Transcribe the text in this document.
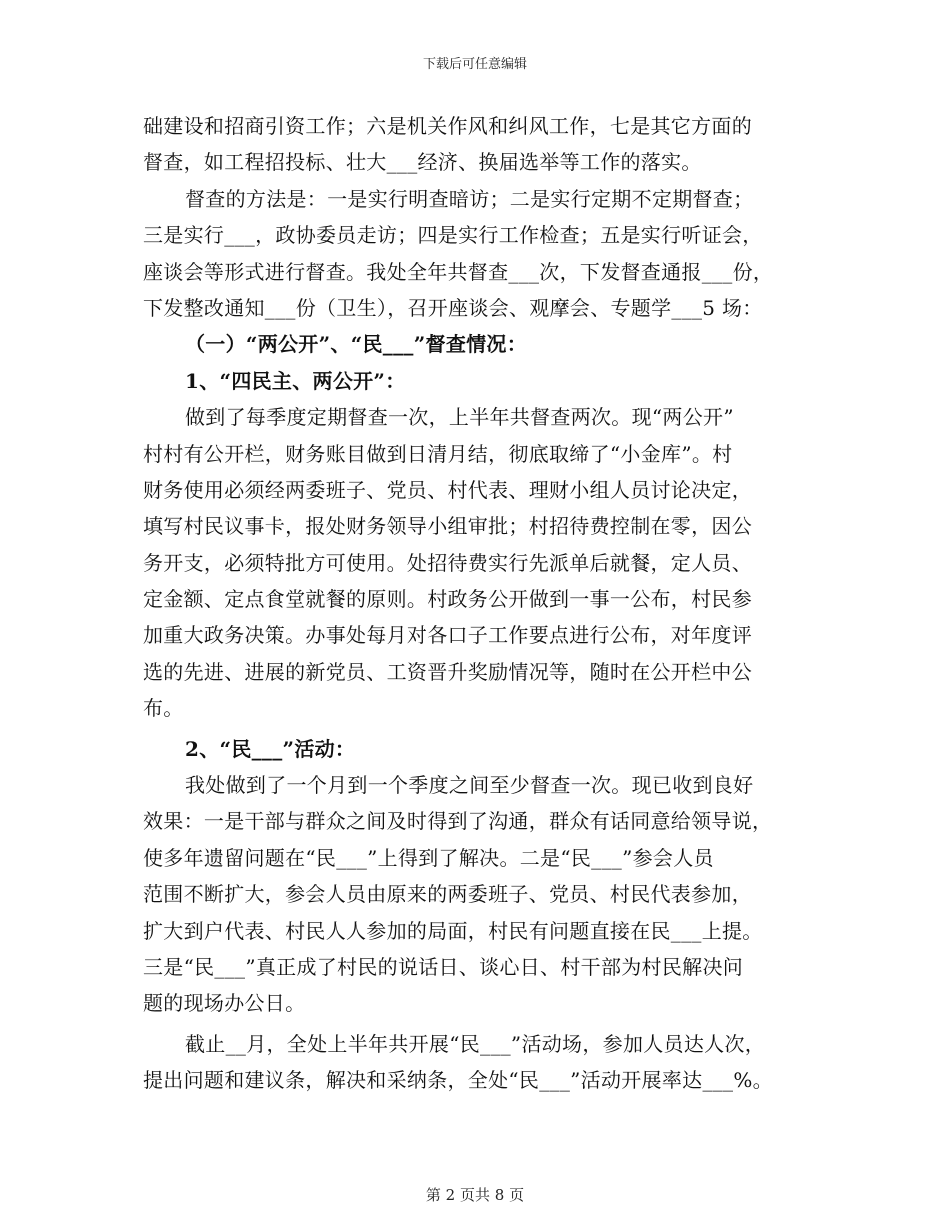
下载后可任意编辑
础建设和招商引资工作；六是机关作风和纠风工作，七是其它方面的
督查，如工程招投标、壮大___经济、换届选举等工作的落实。
督查的方法是：一是实行明查暗访；二是实行定期不定期督查；
三是实行___，政协委员走访；四是实行工作检查；五是实行听证会，
座谈会等形式进行督查。我处全年共督查___次，下发督查通报___份，
下发整改通知___份（卫生），召开座谈会、观摩会、专题学___5 场：
（一）“两公开”、“民___”督查情况：
1、“四民主、两公开”：
做到了每季度定期督查一次，上半年共督查两次。现“两公开”
村村有公开栏，财务账目做到日清月结，彻底取缔了“小金库”。村
财务使用必须经两委班子、党员、村代表、理财小组人员讨论决定，
填写村民议事卡，报处财务领导小组审批；村招待费控制在零，因公
务开支，必须特批方可使用。处招待费实行先派单后就餐，定人员、
定金额、定点食堂就餐的原则。村政务公开做到一事一公布，村民参
加重大政务决策。办事处每月对各口子工作要点进行公布，对年度评
选的先进、进展的新党员、工资晋升奖励情况等，随时在公开栏中公
布。
2、“民___”活动：
我处做到了一个月到一个季度之间至少督查一次。现已收到良好
效果：一是干部与群众之间及时得到了沟通，群众有话同意给领导说，
使多年遗留问题在“民___”上得到了解决。二是“民___”参会人员
范围不断扩大，参会人员由原来的两委班子、党员、村民代表参加，
扩大到户代表、村民人人参加的局面，村民有问题直接在民___上提。
三是“民___”真正成了村民的说话日、谈心日、村干部为村民解决问
题的现场办公日。
截止__月，全处上半年共开展“民___”活动场，参加人员达人次，
提出问题和建议条，解决和采纳条，全处“民___”活动开展率达___%。
第 2 页共 8 页
